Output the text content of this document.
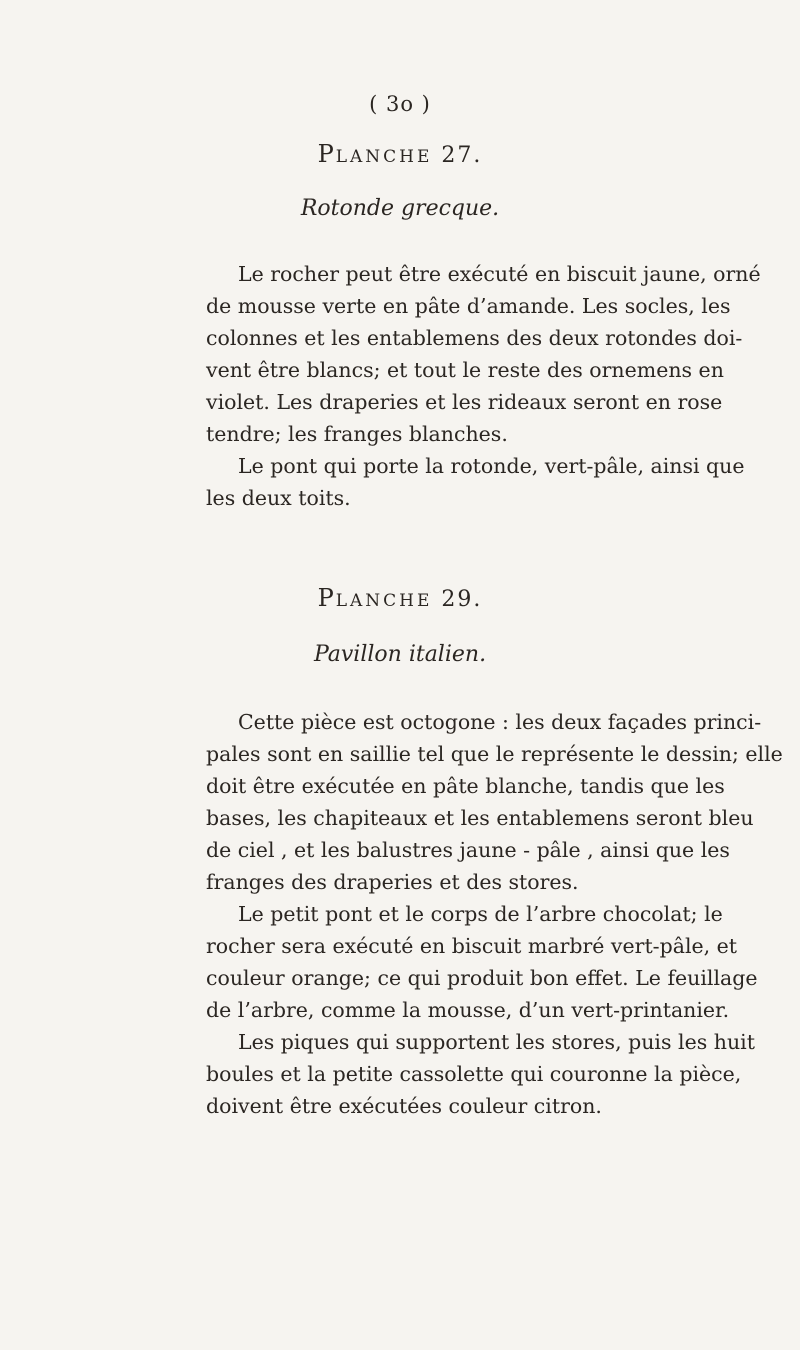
( 3o )
PLANCHE 27.
Rotonde grecque.
Le rocher peut être exécuté en biscuit jaune, orné
de mousse verte en pâte d’amande. Les socles, les
colonnes et les entablemens des deux rotondes doi-
vent être blancs; et tout le reste des ornemens en
violet. Les draperies et les rideaux seront en rose
tendre; les franges blanches.
Le pont qui porte la rotonde, vert-pâle, ainsi que
les deux toits.
PLANCHE 29.
Pavillon italien.
Cette pièce est octogone : les deux façades princi-
pales sont en saillie tel que le représente le dessin; elle
doit être exécutée en pâte blanche, tandis que les
bases, les chapiteaux et les entablemens seront bleu
de ciel , et les balustres jaune - pâle , ainsi que les
franges des draperies et des stores.
Le petit pont et le corps de l’arbre chocolat; le
rocher sera exécuté en biscuit marbré vert-pâle, et
couleur orange; ce qui produit bon effet. Le feuillage
de l’arbre, comme la mousse, d’un vert-printanier.
Les piques qui supportent les stores, puis les huit
boules et la petite cassolette qui couronne la pièce,
doivent être exécutées couleur citron.
